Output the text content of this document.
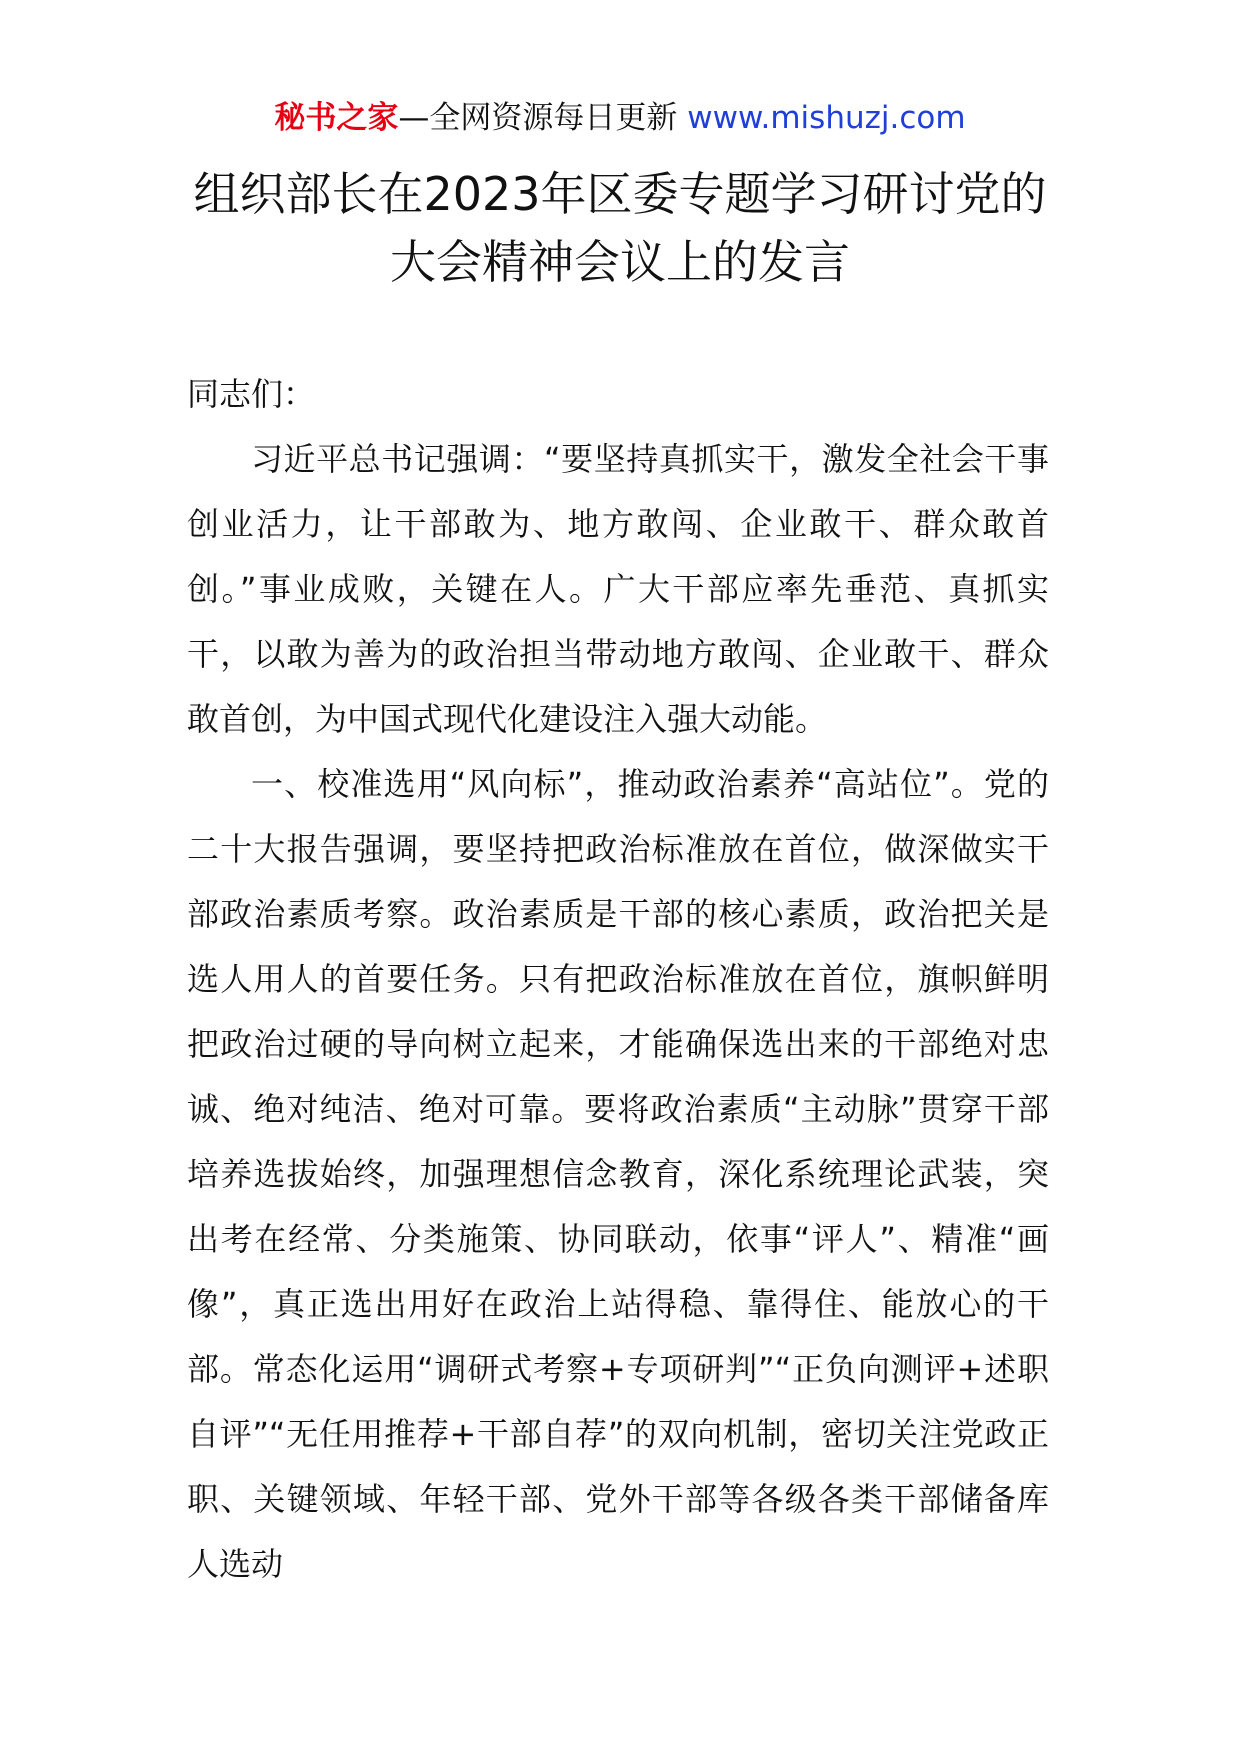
秘书之家—全网资源每日更新 www.mishuzj.com
组织部长在2023年区委专题学习研讨党的
大会精神会议上的发言

同志们：

习近平总书记强调：“要坚持真抓实干，激发全社会干事创业活力，让干部敢为、地方敢闯、企业敢干、群众敢首创。”事业成败，关键在人。广大干部应率先垂范、真抓实干，以敢为善为的政治担当带动地方敢闯、企业敢干、群众敢首创，为中国式现代化建设注入强大动能。

一、校准选用“风向标”，推动政治素养“高站位”。党的二十大报告强调，要坚持把政治标准放在首位，做深做实干部政治素质考察。政治素质是干部的核心素质，政治把关是选人用人的首要任务。只有把政治标准放在首位，旗帜鲜明把政治过硬的导向树立起来，才能确保选出来的干部绝对忠诚、绝对纯洁、绝对可靠。要将政治素质“主动脉”贯穿干部培养选拔始终，加强理想信念教育，深化系统理论武装，突出考在经常、分类施策、协同联动，依事“评人”、精准“画像”，真正选出用好在政治上站得稳、靠得住、能放心的干部。常态化运用“调研式考察+专项研判”“正负向测评+述职自评”“无任用推荐+干部自荐”的双向机制，密切关注党政正职、关键领域、年轻干部、党外干部等各级各类干部储备库人选动
